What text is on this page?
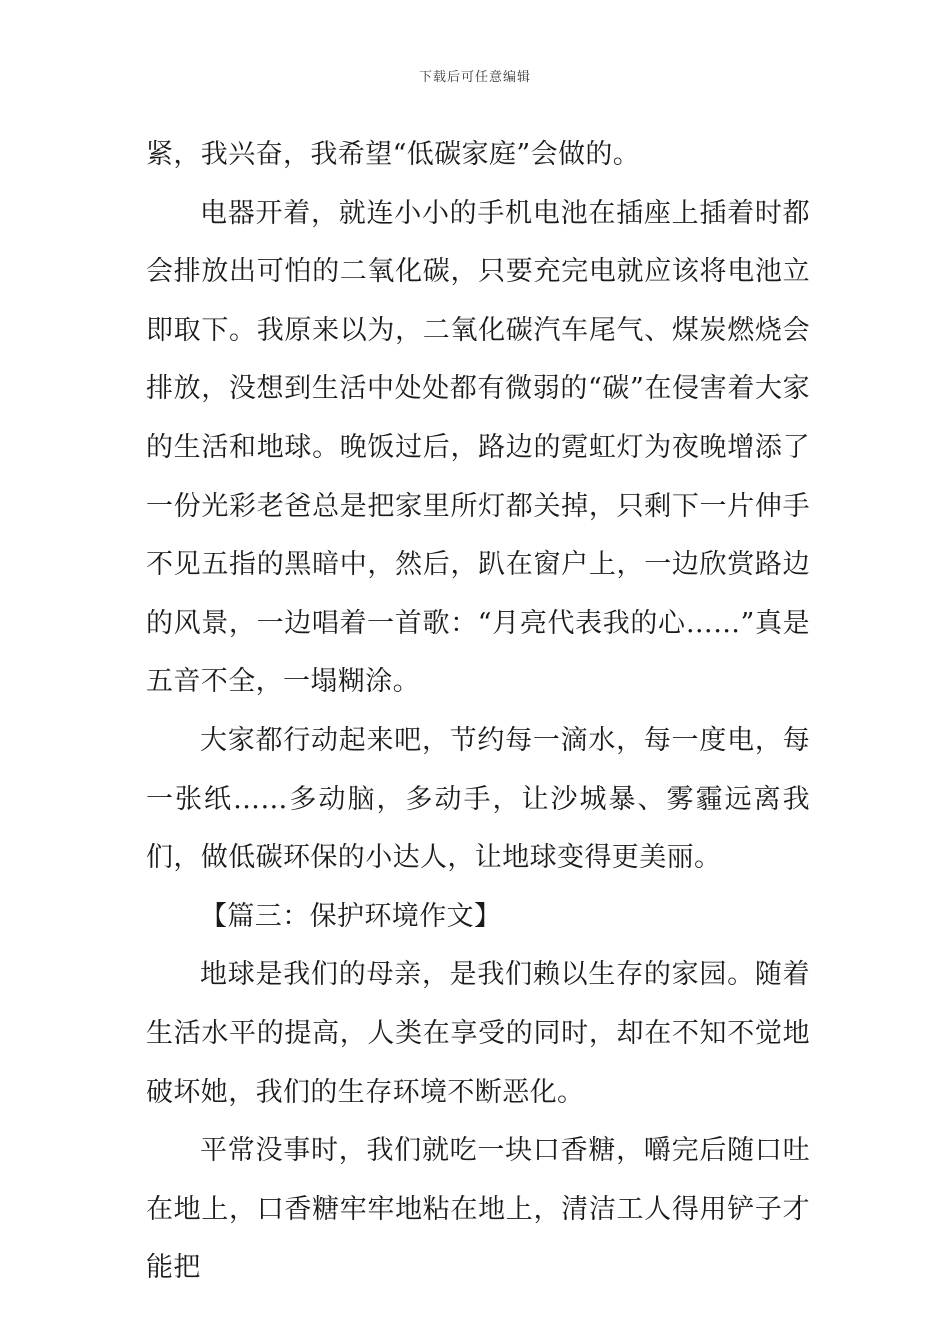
下载后可任意编辑

紧，我兴奋，我希望“低碳家庭”会做的。

电器开着，就连小小的手机电池在插座上插着时都会排放出可怕的二氧化碳，只要充完电就应该将电池立即取下。我原来以为，二氧化碳汽车尾气、煤炭燃烧会排放，没想到生活中处处都有微弱的“碳”在侵害着大家的生活和地球。晚饭过后，路边的霓虹灯为夜晚增添了一份光彩老爸总是把家里所灯都关掉，只剩下一片伸手不见五指的黑暗中，然后，趴在窗户上，一边欣赏路边的风景，一边唱着一首歌：“月亮代表我的心……”真是五音不全，一塌糊涂。

大家都行动起来吧，节约每一滴水，每一度电，每一张纸……多动脑，多动手，让沙城暴、雾霾远离我们，做低碳环保的小达人，让地球变得更美丽。

【篇三：保护环境作文】

地球是我们的母亲，是我们赖以生存的家园。随着生活水平的提高，人类在享受的同时，却在不知不觉地破坏她，我们的生存环境不断恶化。

平常没事时，我们就吃一块口香糖，嚼完后随口吐在地上，口香糖牢牢地粘在地上，清洁工人得用铲子才能把
